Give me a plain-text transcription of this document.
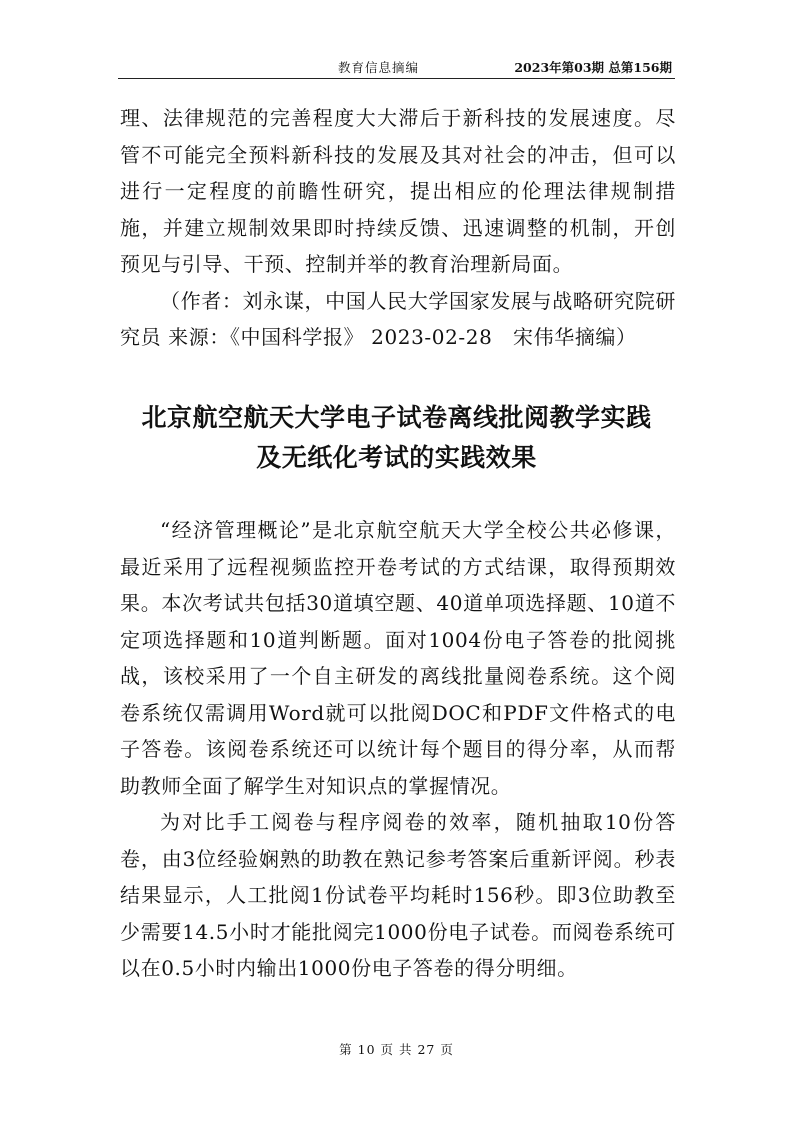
教育信息摘编	2023年第03期 总第156期

理、法律规范的完善程度大大滞后于新科技的发展速度。尽管不可能完全预料新科技的发展及其对社会的冲击，但可以进行一定程度的前瞻性研究，提出相应的伦理法律规制措施，并建立规制效果即时持续反馈、迅速调整的机制，开创预见与引导、干预、控制并举的教育治理新局面。

（作者：刘永谋，中国人民大学国家发展与战略研究院研究员 来源：《中国科学报》 2023-02-28　宋伟华摘编）

北京航空航天大学电子试卷离线批阅教学实践
及无纸化考试的实践效果

“经济管理概论”是北京航空航天大学全校公共必修课，最近采用了远程视频监控开卷考试的方式结课，取得预期效果。本次考试共包括30道填空题、40道单项选择题、10道不定项选择题和10道判断题。面对1004份电子答卷的批阅挑战，该校采用了一个自主研发的离线批量阅卷系统。这个阅卷系统仅需调用Word就可以批阅DOC和PDF文件格式的电子答卷。该阅卷系统还可以统计每个题目的得分率，从而帮助教师全面了解学生对知识点的掌握情况。

为对比手工阅卷与程序阅卷的效率，随机抽取10份答卷，由3位经验娴熟的助教在熟记参考答案后重新评阅。秒表结果显示，人工批阅1份试卷平均耗时156秒。即3位助教至少需要14.5小时才能批阅完1000份电子试卷。而阅卷系统可以在0.5小时内输出1000份电子答卷的得分明细。

第 10 页 共 27 页
